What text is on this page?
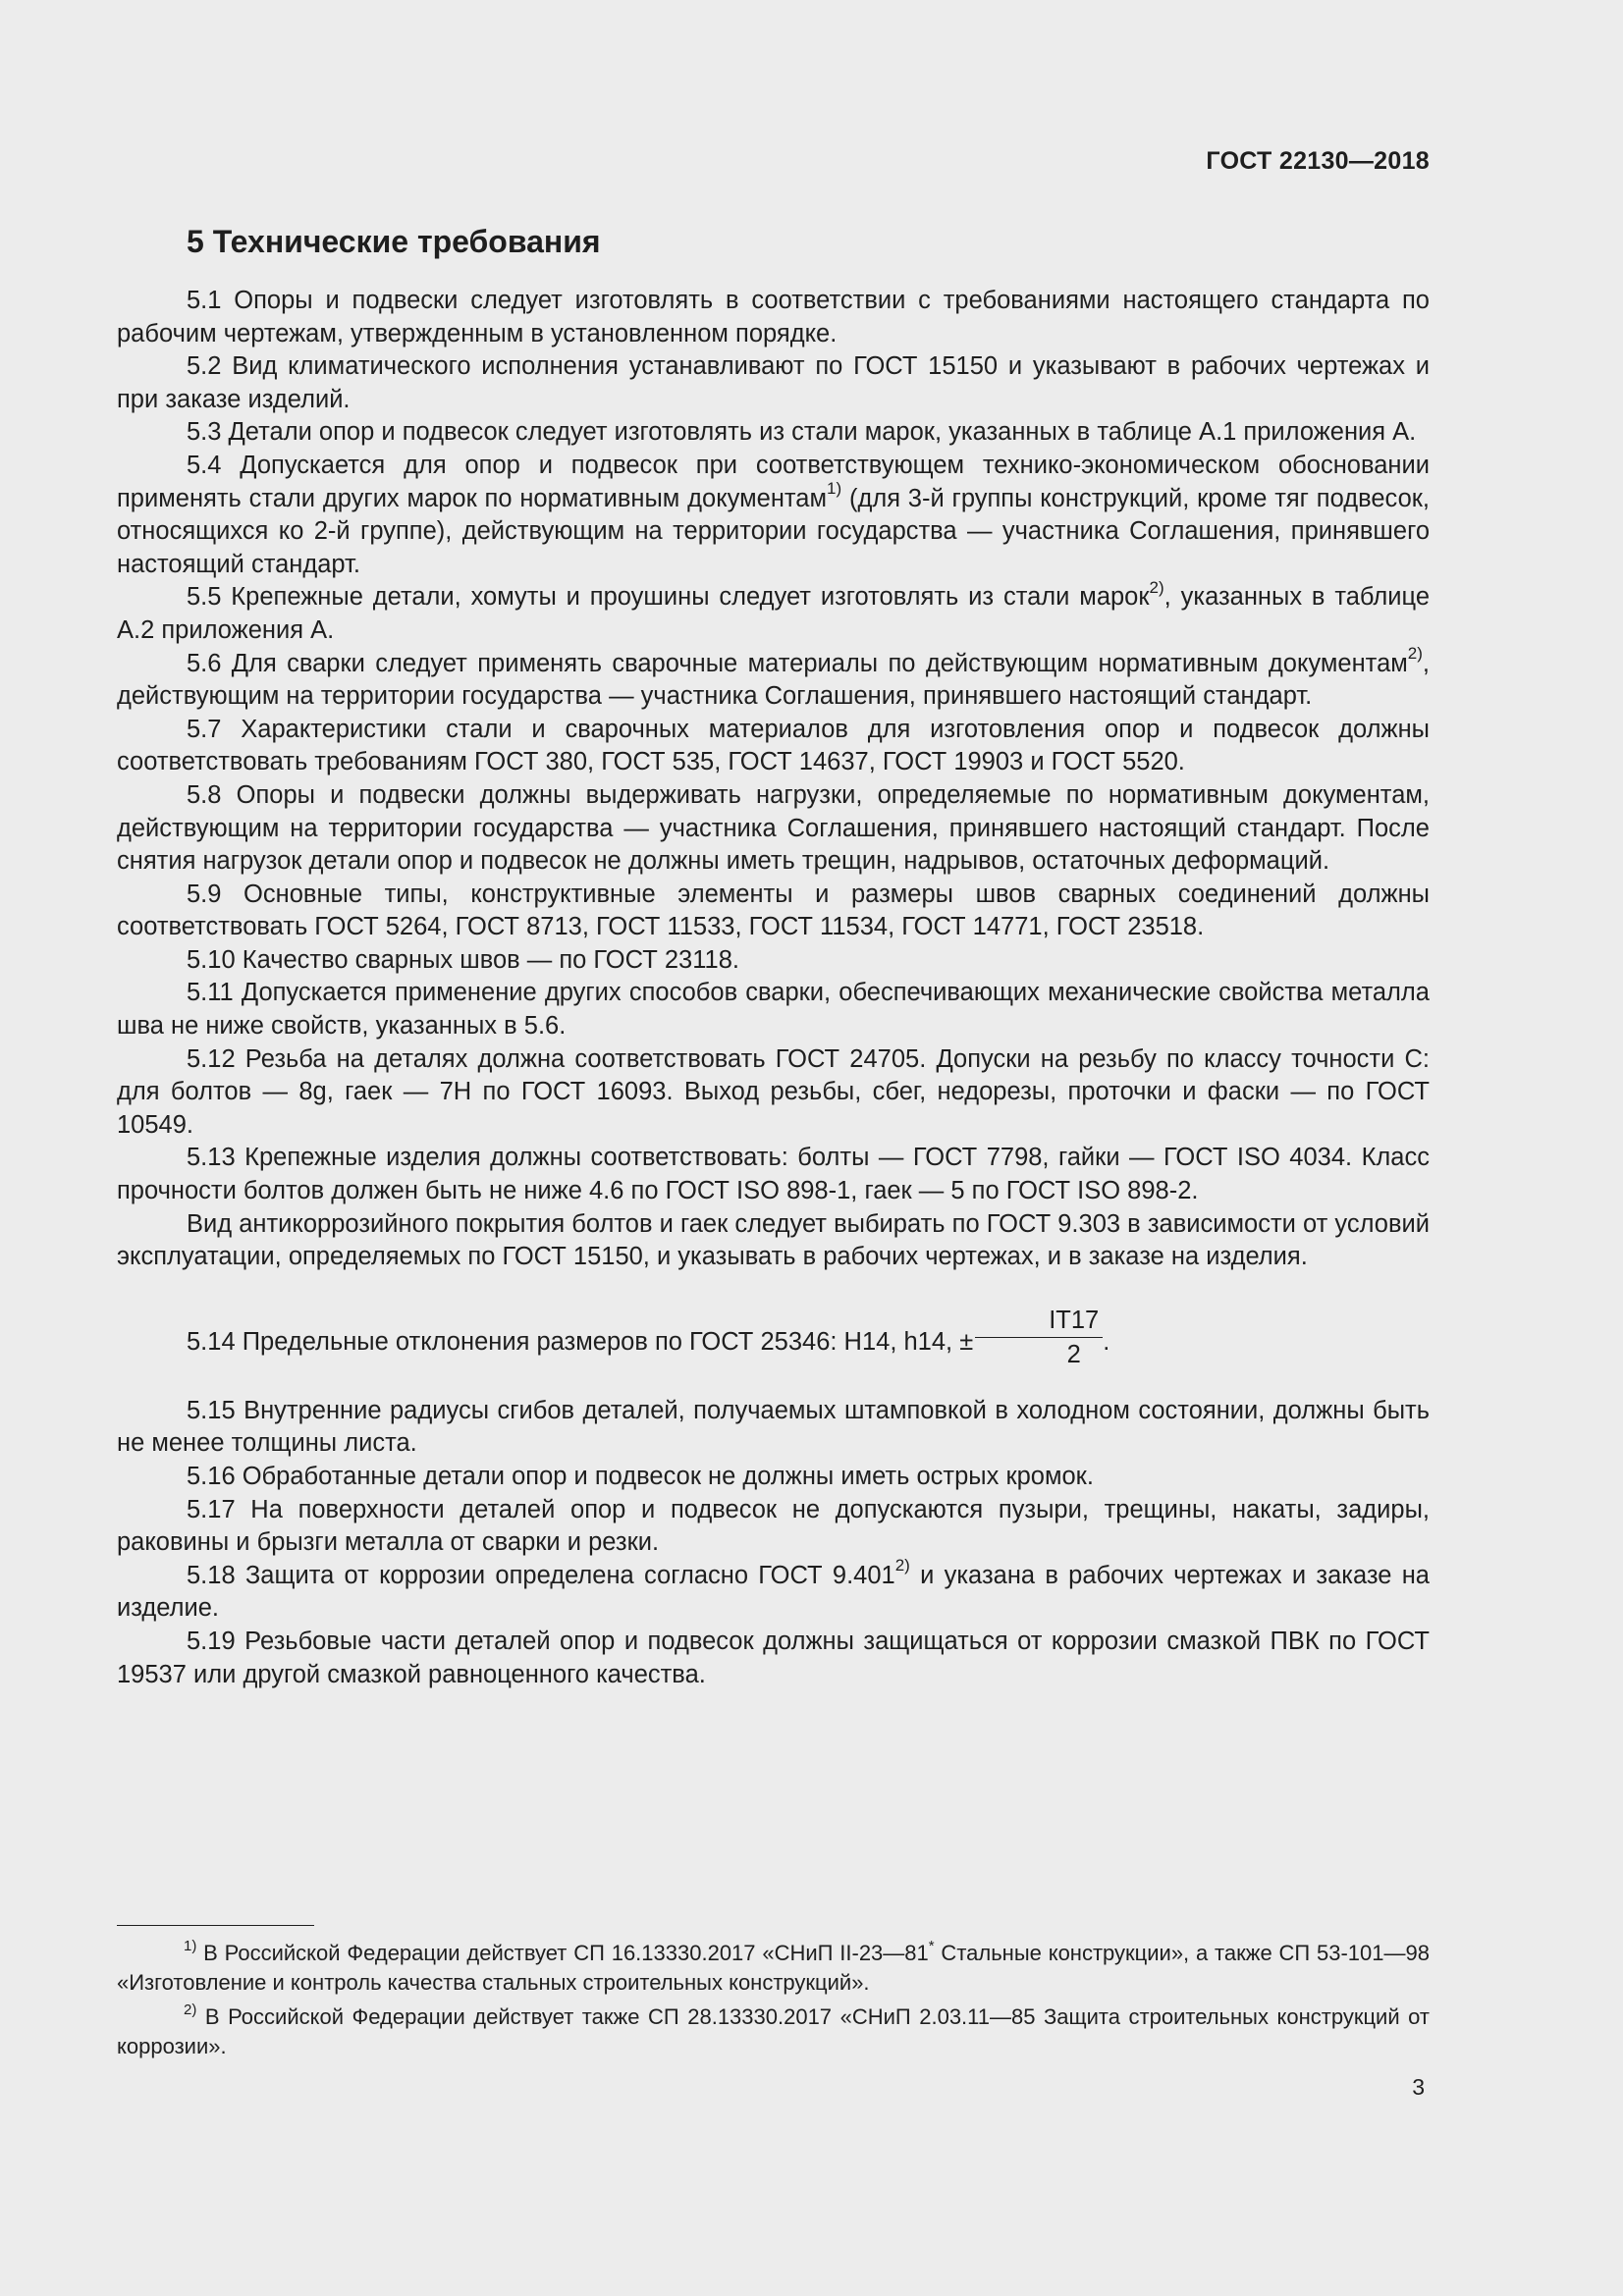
ГОСТ 22130—2018
5 Технические требования

5.1 Опоры и подвески следует изготовлять в соответствии с требованиями настоящего стандарта по рабочим чертежам, утвержденным в установленном порядке.

5.2 Вид климатического исполнения устанавливают по ГОСТ 15150 и указывают в рабочих чертежах и при заказе изделий.

5.3 Детали опор и подвесок следует изготовлять из стали марок, указанных в таблице А.1 приложения А.

5.4 Допускается для опор и подвесок при соответствующем технико-экономическом обосновании применять стали других марок по нормативным документам$^{1)}$ (для 3-й группы конструкций, кроме тяг подвесок, относящихся ко 2-й группе), действующим на территории государства — участника Соглашения, принявшего настоящий стандарт.

5.5 Крепежные детали, хомуты и проушины следует изготовлять из стали марок$^{2)}$, указанных в таблице А.2 приложения А.

5.6 Для сварки следует применять сварочные материалы по действующим нормативным документам$^{2)}$, действующим на территории государства — участника Соглашения, принявшего настоящий стандарт.

5.7 Характеристики стали и сварочных материалов для изготовления опор и подвесок должны соответствовать требованиям ГОСТ 380, ГОСТ 535, ГОСТ 14637, ГОСТ 19903 и ГОСТ 5520.

5.8 Опоры и подвески должны выдерживать нагрузки, определяемые по нормативным документам, действующим на территории государства — участника Соглашения, принявшего настоящий стандарт. После снятия нагрузок детали опор и подвесок не должны иметь трещин, надрывов, остаточных деформаций.

5.9 Основные типы, конструктивные элементы и размеры швов сварных соединений должны соответствовать ГОСТ 5264, ГОСТ 8713, ГОСТ 11533, ГОСТ 11534, ГОСТ 14771, ГОСТ 23518.

5.10 Качество сварных швов — по ГОСТ 23118.

5.11 Допускается применение других способов сварки, обеспечивающих механические свойства металла шва не ниже свойств, указанных в 5.6.

5.12 Резьба на деталях должна соответствовать ГОСТ 24705. Допуски на резьбу по классу точности С: для болтов — 8g, гаек — 7Н по ГОСТ 16093. Выход резьбы, сбег, недорезы, проточки и фаски — по ГОСТ 10549.

5.13 Крепежные изделия должны соответствовать: болты — ГОСТ 7798, гайки — ГОСТ ISO 4034. Класс прочности болтов должен быть не ниже 4.6 по ГОСТ ISO 898-1, гаек — 5 по ГОСТ ISO 898-2.

Вид антикоррозийного покрытия болтов и гаек следует выбирать по ГОСТ 9.303 в зависимости от условий эксплуатации, определяемых по ГОСТ 15150, и указывать в рабочих чертежах, и в заказе на изделия.

5.14 Предельные отклонения размеров по ГОСТ 25346: Н14, h14, ± $\frac{IT17}{2}$ .

5.15 Внутренние радиусы сгибов деталей, получаемых штамповкой в холодном состоянии, должны быть не менее толщины листа.

5.16 Обработанные детали опор и подвесок не должны иметь острых кромок.

5.17 На поверхности деталей опор и подвесок не допускаются пузыри, трещины, накаты, задиры, раковины и брызги металла от сварки и резки.

5.18 Защита от коррозии определена согласно ГОСТ 9.401$^{2)}$ и указана в рабочих чертежах и заказе на изделие.

5.19 Резьбовые части деталей опор и подвесок должны защищаться от коррозии смазкой ПВК по ГОСТ 19537 или другой смазкой равноценного качества.

$^{1)}$ В Российской Федерации действует СП 16.13330.2017 «СНиП II-23—81* Стальные конструкции», а также СП 53-101—98 «Изготовление и контроль качества стальных строительных конструкций».

$^{2)}$ В Российской Федерации действует также СП 28.13330.2017 «СНиП 2.03.11—85 Защита строительных конструкций от коррозии».

3
